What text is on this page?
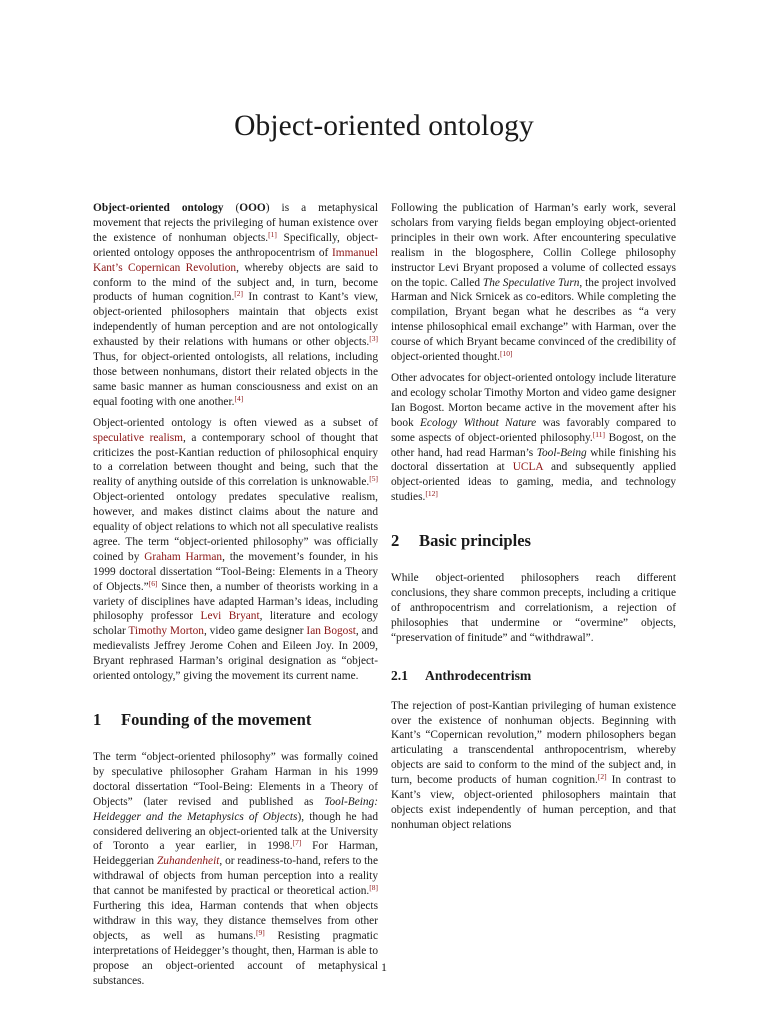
Object-oriented ontology

Object-oriented ontology (OOO) is a metaphysical movement that rejects the privileging of human existence over the existence of nonhuman objects.[1] Specifically, object-oriented ontology opposes the anthropocentrism of Immanuel Kant’s Copernican Revolution, whereby objects are said to conform to the mind of the subject and, in turn, become products of human cognition.[2] In contrast to Kant’s view, object-oriented philosophers maintain that objects exist independently of human perception and are not ontologically exhausted by their relations with humans or other objects.[3] Thus, for object-oriented ontologists, all relations, including those between nonhumans, distort their related objects in the same basic manner as human consciousness and exist on an equal footing with one another.[4]

Object-oriented ontology is often viewed as a subset of speculative realism, a contemporary school of thought that criticizes the post-Kantian reduction of philosophical enquiry to a correlation between thought and being, such that the reality of anything outside of this correlation is unknowable.[5] Object-oriented ontology predates speculative realism, however, and makes distinct claims about the nature and equality of object relations to which not all speculative realists agree. The term “object-oriented philosophy” was officially coined by Graham Harman, the movement’s founder, in his 1999 doctoral dissertation “Tool-Being: Elements in a Theory of Objects.”[6] Since then, a number of theorists working in a variety of disciplines have adapted Harman’s ideas, including philosophy professor Levi Bryant, literature and ecology scholar Timothy Morton, video game designer Ian Bogost, and medievalists Jeffrey Jerome Cohen and Eileen Joy. In 2009, Bryant rephrased Harman’s original designation as “object-oriented ontology,” giving the movement its current name.

1 Founding of the movement

The term “object-oriented philosophy” was formally coined by speculative philosopher Graham Harman in his 1999 doctoral dissertation “Tool-Being: Elements in a Theory of Objects” (later revised and published as Tool-Being: Heidegger and the Metaphysics of Objects), though he had considered delivering an object-oriented talk at the University of Toronto a year earlier, in 1998.[7] For Harman, Heideggerian Zuhandenheit, or readiness-to-hand, refers to the withdrawal of objects from human perception into a reality that cannot be manifested by practical or theoretical action.[8] Furthering this idea, Harman contends that when objects withdraw in this way, they distance themselves from other objects, as well as humans.[9] Resisting pragmatic interpretations of Heidegger’s thought, then, Harman is able to propose an object-oriented account of metaphysical substances.

Following the publication of Harman’s early work, several scholars from varying fields began employing object-oriented principles in their own work. After encountering speculative realism in the blogosphere, Collin College philosophy instructor Levi Bryant proposed a volume of collected essays on the topic. Called The Speculative Turn, the project involved Harman and Nick Srnicek as co-editors. While completing the compilation, Bryant began what he describes as “a very intense philosophical email exchange” with Harman, over the course of which Bryant became convinced of the credibility of object-oriented thought.[10]

Other advocates for object-oriented ontology include literature and ecology scholar Timothy Morton and video game designer Ian Bogost. Morton became active in the movement after his book Ecology Without Nature was favorably compared to some aspects of object-oriented philosophy.[11] Bogost, on the other hand, had read Harman’s Tool-Being while finishing his doctoral dissertation at UCLA and subsequently applied object-oriented ideas to gaming, media, and technology studies.[12]

2 Basic principles

While object-oriented philosophers reach different conclusions, they share common precepts, including a critique of anthropocentrism and correlationism, a rejection of philosophies that undermine or “overmine” objects, “preservation of finitude” and “withdrawal”.

2.1 Anthrodecentrism

The rejection of post-Kantian privileging of human existence over the existence of nonhuman objects. Beginning with Kant’s “Copernican revolution,” modern philosophers began articulating a transcendental anthropocentrism, whereby objects are said to conform to the mind of the subject and, in turn, become products of human cognition.[2] In contrast to Kant’s view, object-oriented philosophers maintain that objects exist independently of human perception, and that nonhuman object relations

1
